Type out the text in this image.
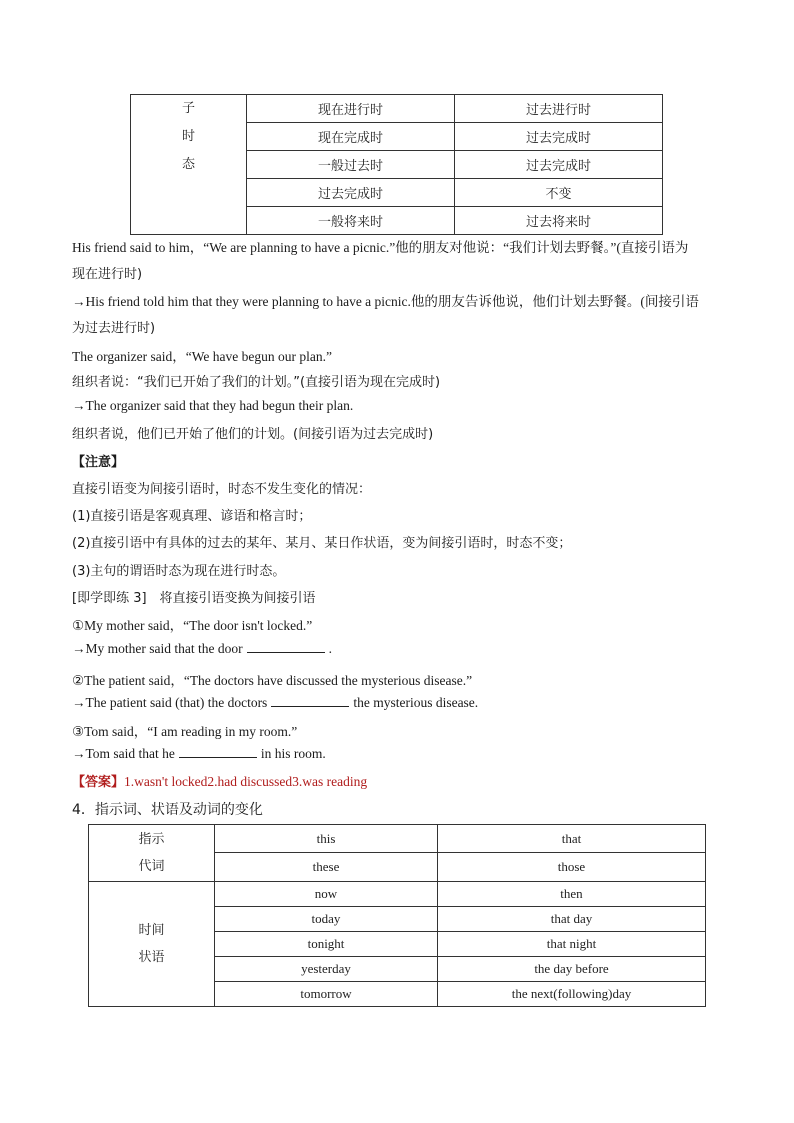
子
时
态	现在进行时	过去进行时
	现在完成时	过去完成时
	一般过去时	过去完成时
	过去完成时	不变
	一般将来时	过去将来时
His friend said to him，“We are planning to have a picnic.”他的朋友对他说：“我们计划去野餐。”(直接引语为
现在进行时)
→His friend told him that they were planning to have a picnic.他的朋友告诉他说，他们计划去野餐。(间接引语
为过去进行时)
The organizer said，“We have begun our plan.”
组织者说：“我们已开始了我们的计划。”(直接引语为现在完成时)
→The organizer said that they had begun their plan.
组织者说，他们已开始了他们的计划。(间接引语为过去完成时)
【注意】
直接引语变为间接引语时，时态不发生变化的情况：
(1)直接引语是客观真理、谚语和格言时；
(2)直接引语中有具体的过去的某年、某月、某日作状语，变为间接引语时，时态不变；
(3)主句的谓语时态为现在进行时态。
[即学即练 3]　将直接引语变换为间接引语
①My mother said，“The door isn't locked.”
→My mother said that the door	.
②The patient said，“The doctors have discussed the mysterious disease.”
→The patient said (that) the doctors	the mysterious disease.
③Tom said，“I am reading in my room.”
→Tom said that he	in his room.
【答案】1.wasn't locked2.had discussed3.was reading
4．指示词、状语及动词的变化
指示
代词	this	that
	these	those

时间
状语	now	then
	today	that day
	tonight	that night
	yesterday	the day before
	tomorrow	the next(following)day
